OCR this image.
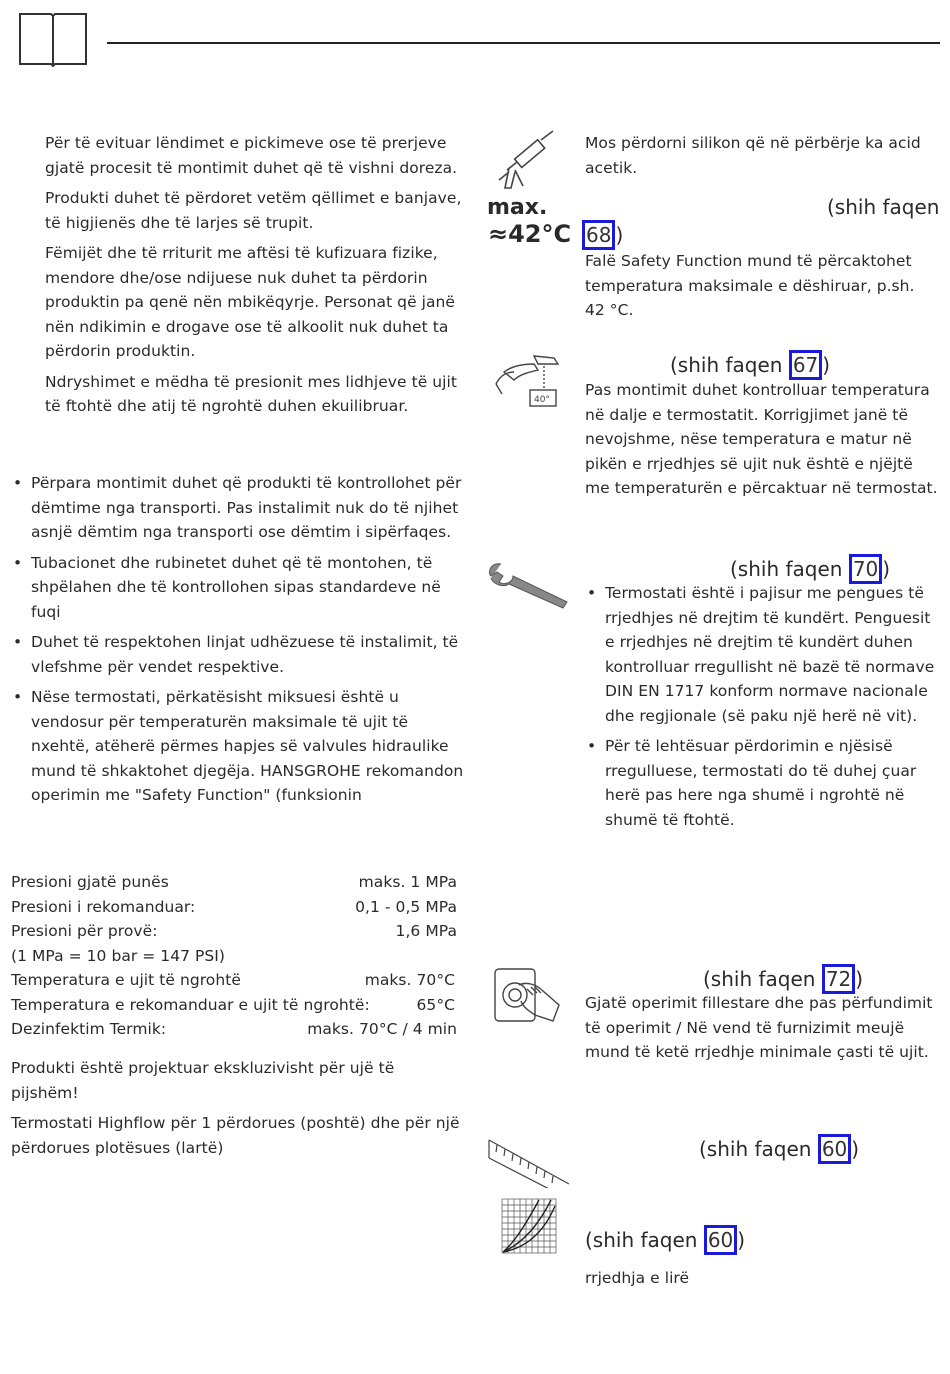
Për të evituar lëndimet e pickimeve ose të prerjeve gjatë procesit të montimit duhet që të vishni doreza.

Produkti duhet të përdoret vetëm qëllimet e banjave, të higjienës dhe të larjes së trupit.

Fëmijët dhe të rriturit me aftësi të kufizuara fizike, mendore dhe/ose ndijuese nuk duhet ta përdorin produktin pa qenë nën mbikëqyrje. Personat që janë nën ndikimin e drogave ose të alkoolit nuk duhet ta përdorin produktin.

Ndryshimet e mëdha të presionit mes lidhjeve të ujit të ftohtë dhe atij të ngrohtë duhen ekuilibruar.

• Përpara montimit duhet që produkti të kontrollohet për dëmtime nga transporti. Pas instalimit nuk do të njihet asnjë dëmtim nga transporti ose dëmtim i sipërfaqes.
• Tubacionet dhe rubinetet duhet që të montohen, të shpëlahen dhe të kontrollohen sipas standardeve në fuqi
• Duhet të respektohen linjat udhëzuese të instalimit, të vlefshme për vendet respektive.
• Nëse termostati, përkatësisht miksuesi është u vendosur për temperaturën maksimale të ujit të nxehtë, atëherë përmes hapjes së valvules hidraulike mund të shkaktohet djegëja. HANSGROHE rekomandon operimin me "Safety Function" (funksionin
Presioni gjatë punës	maks. 1 MPa
Presioni i rekomanduar:	0,1 - 0,5 MPa
Presioni për provë:	1,6 MPa
(1 MPa = 10 bar = 147 PSI)
Temperatura e ujit të ngrohtë	maks. 70°C
Temperatura e rekomanduar e ujit të ngrohtë:	65°C
Dezinfektim Termik:	maks. 70°C / 4 min

Produkti është projektuar ekskluzivisht për ujë të pijshëm!

Termostati Highflow për 1 përdorues (poshtë) dhe për një përdorues plotësues (lartë)

Mos përdorni silikon që në përbërje ka acid acetik.
max.
≈42°C
(shih faqen
68 )
Falë Safety Function mund të përcaktohet temperatura maksimale e dëshiruar, p.sh. 42 °C.
40°
(shih faqen 67 )
Pas montimit duhet kontrolluar temperatura në dalje e termostatit. Korrigjimet janë të nevojshme, nëse temperatura e matur në pikën e rrjedhjes së ujit nuk është e njëjtë me temperaturën e përcaktuar në termostat.
(shih faqen 70 )
• Termostati është i pajisur me pengues të rrjedhjes në drejtim të kundërt. Penguesit e rrjedhjes në drejtim të kundërt duhen kontrolluar rregullisht në bazë të normave DIN EN 1717 konform normave nacionale dhe regjionale (së paku një herë në vit).
• Për të lehtësuar përdorimin e njësisë rregulluese, termostati do të duhej çuar herë pas here nga shumë i ngrohtë në shumë të ftohtë.
(shih faqen 72 )
Gjatë operimit fillestare dhe pas përfundimit të operimit / Në vend të furnizimit meujë mund të ketë rrjedhje minimale çasti të ujit.
(shih faqen 60 )
(shih faqen 60 )
rrjedhja e lirë
